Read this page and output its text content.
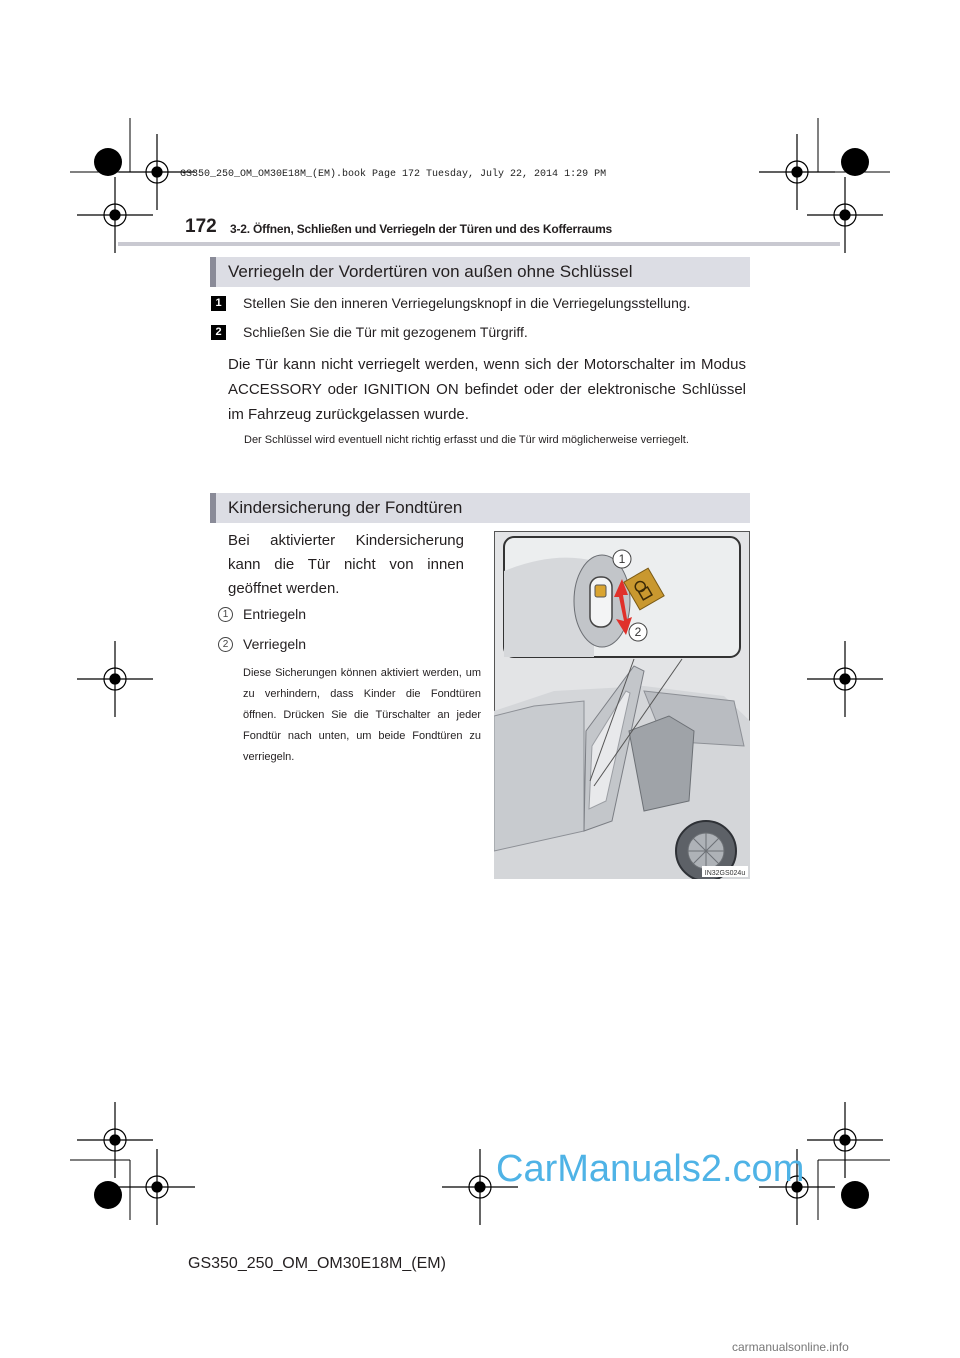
GS350_250_OM_OM30E18M_(EM).book Page 172 Tuesday, July 22, 2014 1:29 PM
172 3-2. Öffnen, Schließen und Verriegeln der Türen und des Kofferraums
Verriegeln der Vordertüren von außen ohne Schlüssel
1	Stellen Sie den inneren Verriegelungsknopf in die Verriegelungsstellung.
2	Schließen Sie die Tür mit gezogenem Türgriff.
Die Tür kann nicht verriegelt werden, wenn sich der Motorschalter im Modus ACCESSORY oder IGNITION ON befindet oder der elektronische Schlüssel im Fahrzeug zurückgelassen wurde.
Der Schlüssel wird eventuell nicht richtig erfasst und die Tür wird möglicherweise verriegelt.
Kindersicherung der Fondtüren
Bei aktivierter Kindersicherung kann die Tür nicht von innen geöffnet werden.
1	Entriegeln
2	Verriegeln
Diese Sicherungen können aktiviert werden, um zu verhindern, dass Kinder die Fondtüren öffnen. Drücken Sie die Türschalter an jeder Fondtür nach unten, um beide Fondtüren zu verriegeln.
1
2
IN32GS024u
CarManuals2.com
GS350_250_OM_OM30E18M_(EM)
carmanualsonline.info
